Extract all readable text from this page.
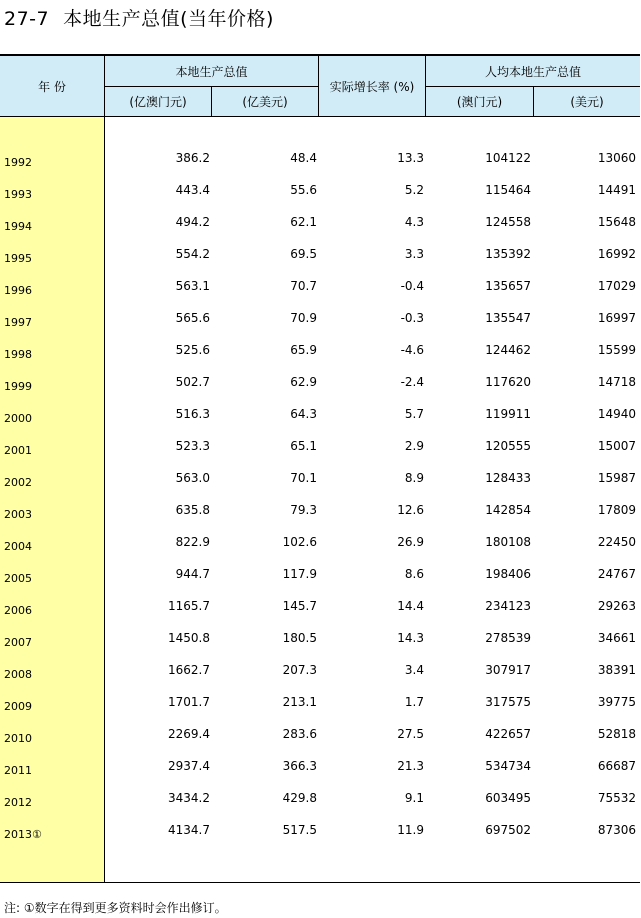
27-7 本地生产总值(当年价格)
年 份
本地生产总值
(亿澳门元)	(亿美元)
实际增长率 (%)
人均本地生产总值
(澳门元)	(美元)
1992	386.2	48.4	13.3	104122	13060
1993	443.4	55.6	5.2	115464	14491
1994	494.2	62.1	4.3	124558	15648
1995	554.2	69.5	3.3	135392	16992
1996	563.1	70.7	-0.4	135657	17029
1997	565.6	70.9	-0.3	135547	16997
1998	525.6	65.9	-4.6	124462	15599
1999	502.7	62.9	-2.4	117620	14718
2000	516.3	64.3	5.7	119911	14940
2001	523.3	65.1	2.9	120555	15007
2002	563.0	70.1	8.9	128433	15987
2003	635.8	79.3	12.6	142854	17809
2004	822.9	102.6	26.9	180108	22450
2005	944.7	117.9	8.6	198406	24767
2006	1165.7	145.7	14.4	234123	29263
2007	1450.8	180.5	14.3	278539	34661
2008	1662.7	207.3	3.4	307917	38391
2009	1701.7	213.1	1.7	317575	39775
2010	2269.4	283.6	27.5	422657	52818
2011	2937.4	366.3	21.3	534734	66687
2012	3434.2	429.8	9.1	603495	75532
2013①	4134.7	517.5	11.9	697502	87306
注: ①数字在得到更多资料时会作出修订。
